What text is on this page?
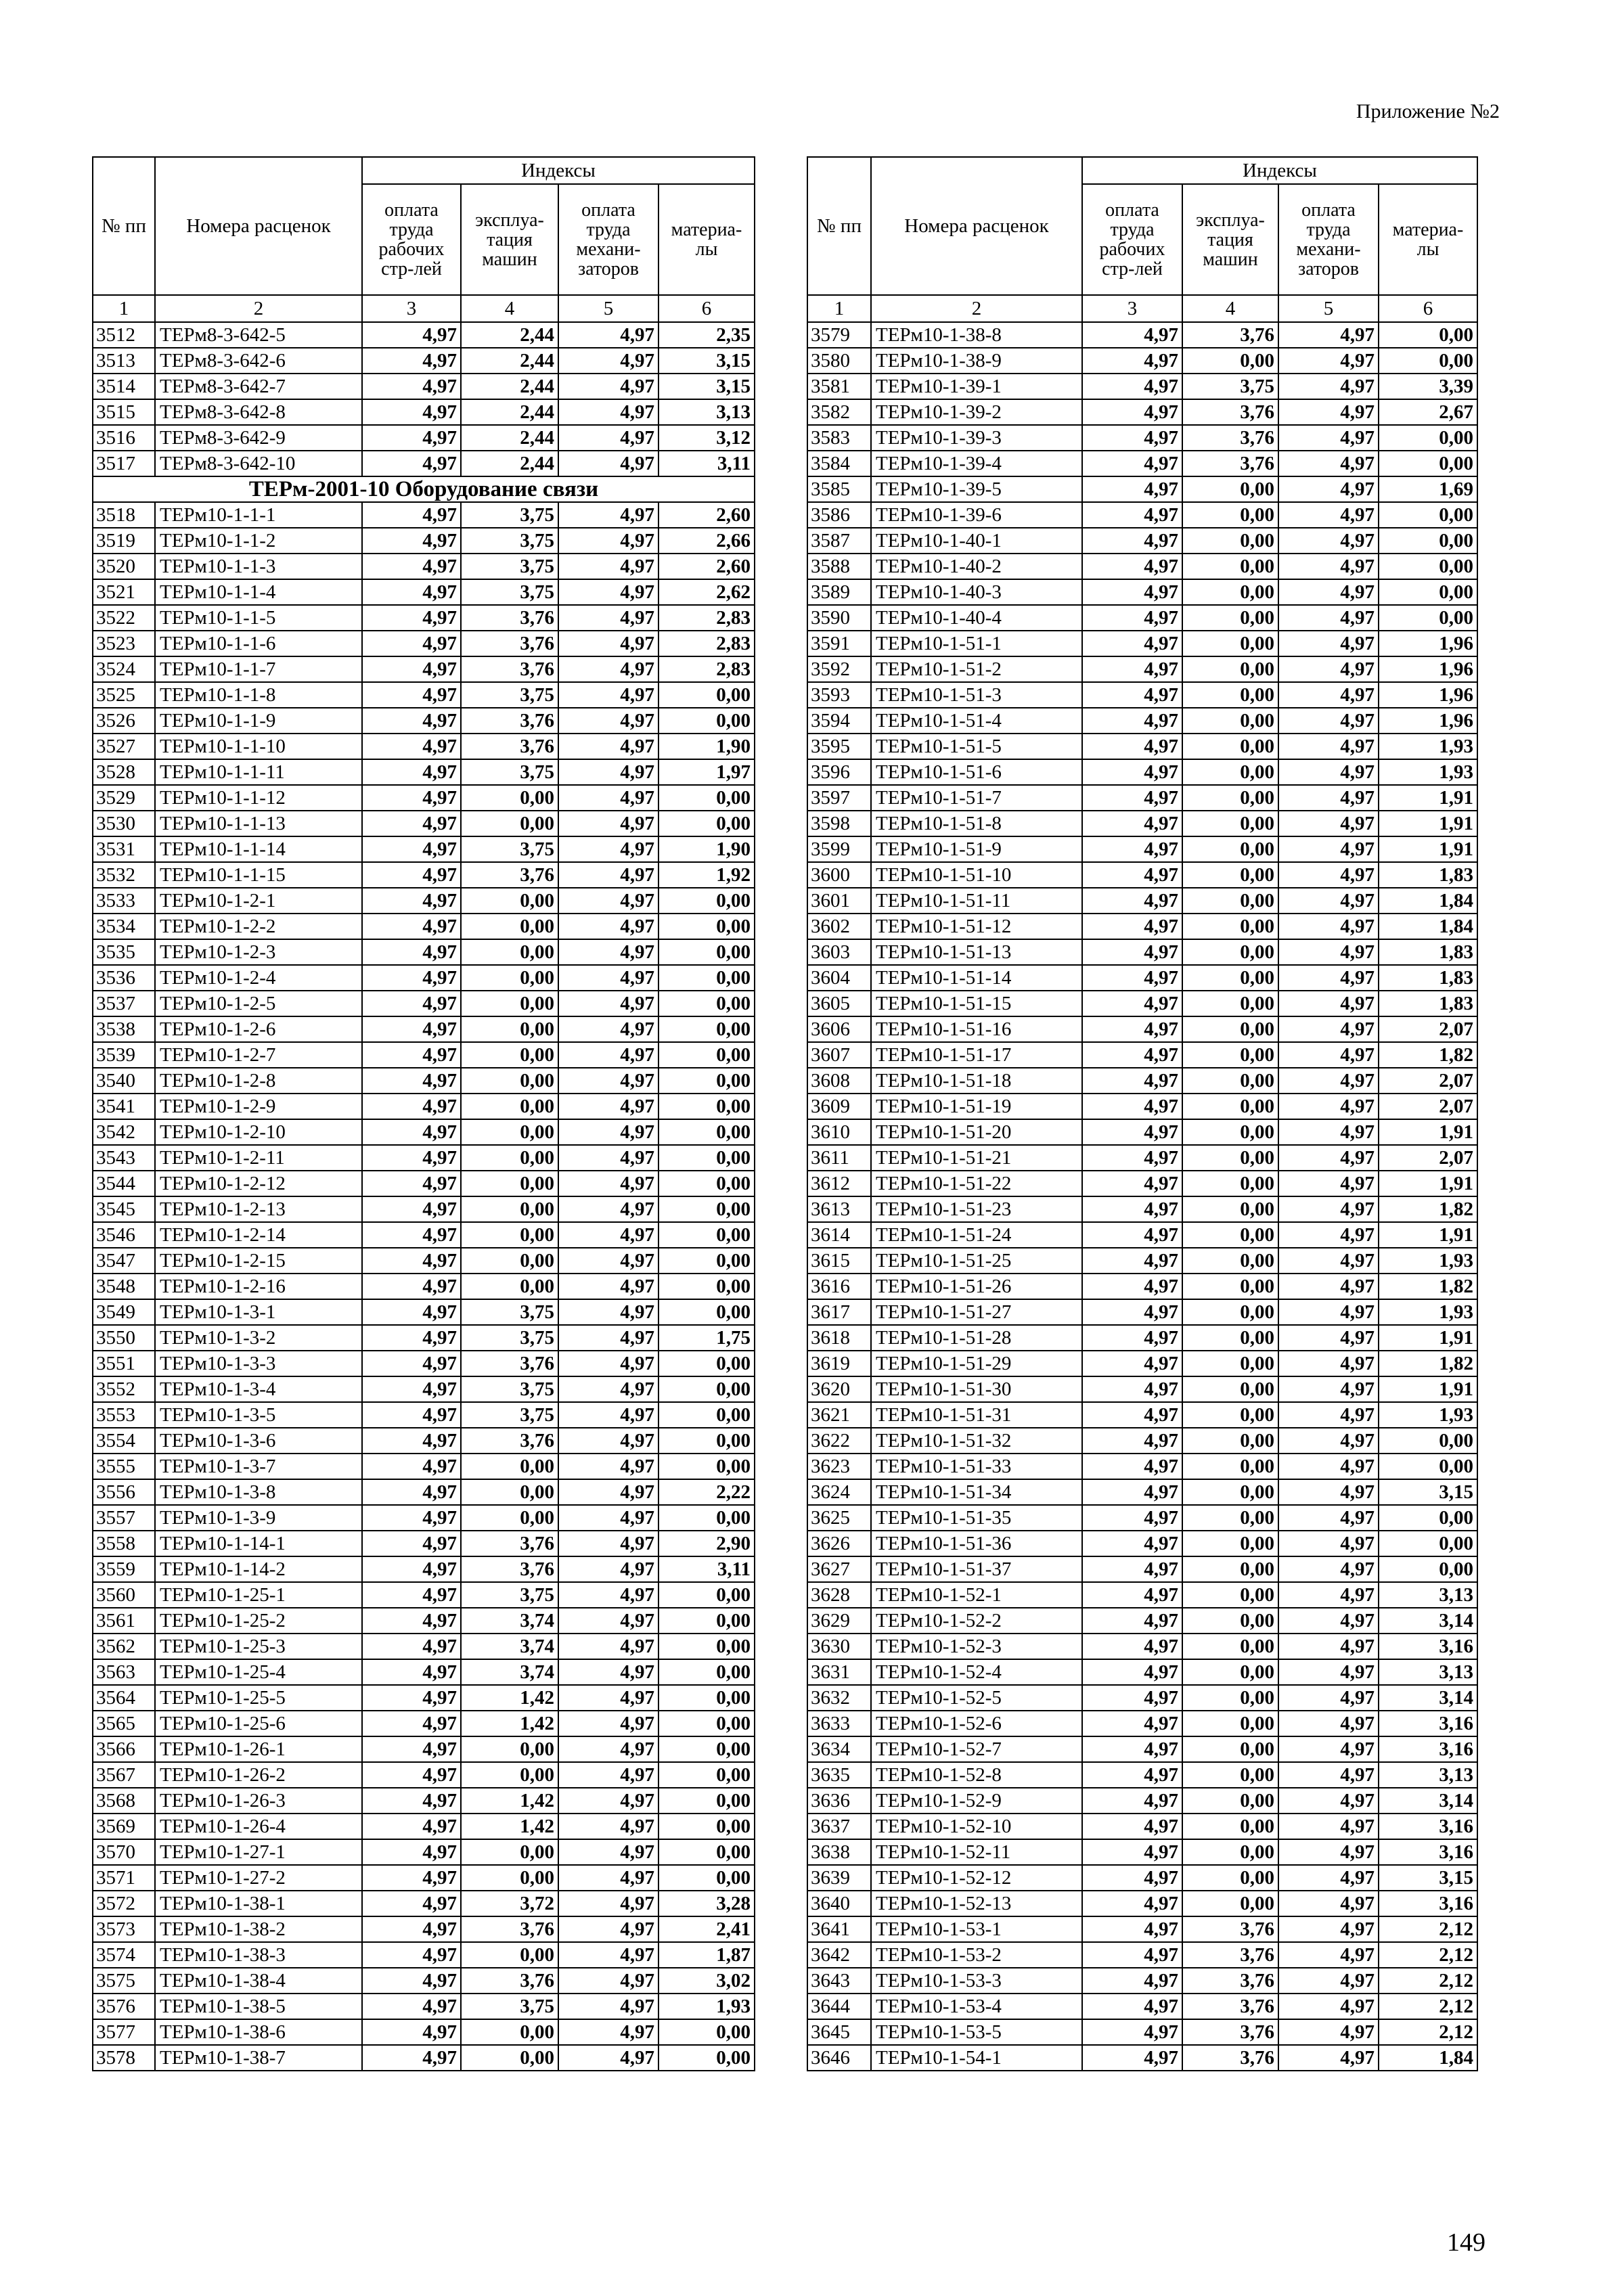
Приложение №2
№ пп	Номера расценок	Индексы			
		оплата труда рабочих стр-лей	эксплуа-тация машин	оплата труда механи-заторов	материа-лы
1	2	3	4	5	6
3512	ТЕРм8-3-642-5	4,97	2,44	4,97	2,35
3513	ТЕРм8-3-642-6	4,97	2,44	4,97	3,15
3514	ТЕРм8-3-642-7	4,97	2,44	4,97	3,15
3515	ТЕРм8-3-642-8	4,97	2,44	4,97	3,13
3516	ТЕРм8-3-642-9	4,97	2,44	4,97	3,12
3517	ТЕРм8-3-642-10	4,97	2,44	4,97	3,11
ТЕРм-2001-10 Оборудование связи					
3518	ТЕРм10-1-1-1	4,97	3,75	4,97	2,60
3519	ТЕРм10-1-1-2	4,97	3,75	4,97	2,66
3520	ТЕРм10-1-1-3	4,97	3,75	4,97	2,60
3521	ТЕРм10-1-1-4	4,97	3,75	4,97	2,62
3522	ТЕРм10-1-1-5	4,97	3,76	4,97	2,83
3523	ТЕРм10-1-1-6	4,97	3,76	4,97	2,83
3524	ТЕРм10-1-1-7	4,97	3,76	4,97	2,83
3525	ТЕРм10-1-1-8	4,97	3,75	4,97	0,00
3526	ТЕРм10-1-1-9	4,97	3,76	4,97	0,00
3527	ТЕРм10-1-1-10	4,97	3,76	4,97	1,90
3528	ТЕРм10-1-1-11	4,97	3,75	4,97	1,97
3529	ТЕРм10-1-1-12	4,97	0,00	4,97	0,00
3530	ТЕРм10-1-1-13	4,97	0,00	4,97	0,00
3531	ТЕРм10-1-1-14	4,97	3,75	4,97	1,90
3532	ТЕРм10-1-1-15	4,97	3,76	4,97	1,92
3533	ТЕРм10-1-2-1	4,97	0,00	4,97	0,00
3534	ТЕРм10-1-2-2	4,97	0,00	4,97	0,00
3535	ТЕРм10-1-2-3	4,97	0,00	4,97	0,00
3536	ТЕРм10-1-2-4	4,97	0,00	4,97	0,00
3537	ТЕРм10-1-2-5	4,97	0,00	4,97	0,00
3538	ТЕРм10-1-2-6	4,97	0,00	4,97	0,00
3539	ТЕРм10-1-2-7	4,97	0,00	4,97	0,00
3540	ТЕРм10-1-2-8	4,97	0,00	4,97	0,00
3541	ТЕРм10-1-2-9	4,97	0,00	4,97	0,00
3542	ТЕРм10-1-2-10	4,97	0,00	4,97	0,00
3543	ТЕРм10-1-2-11	4,97	0,00	4,97	0,00
3544	ТЕРм10-1-2-12	4,97	0,00	4,97	0,00
3545	ТЕРм10-1-2-13	4,97	0,00	4,97	0,00
3546	ТЕРм10-1-2-14	4,97	0,00	4,97	0,00
3547	ТЕРм10-1-2-15	4,97	0,00	4,97	0,00
3548	ТЕРм10-1-2-16	4,97	0,00	4,97	0,00
3549	ТЕРм10-1-3-1	4,97	3,75	4,97	0,00
3550	ТЕРм10-1-3-2	4,97	3,75	4,97	1,75
3551	ТЕРм10-1-3-3	4,97	3,76	4,97	0,00
3552	ТЕРм10-1-3-4	4,97	3,75	4,97	0,00
3553	ТЕРм10-1-3-5	4,97	3,75	4,97	0,00
3554	ТЕРм10-1-3-6	4,97	3,76	4,97	0,00
3555	ТЕРм10-1-3-7	4,97	0,00	4,97	0,00
3556	ТЕРм10-1-3-8	4,97	0,00	4,97	2,22
3557	ТЕРм10-1-3-9	4,97	0,00	4,97	0,00
3558	ТЕРм10-1-14-1	4,97	3,76	4,97	2,90
3559	ТЕРм10-1-14-2	4,97	3,76	4,97	3,11
3560	ТЕРм10-1-25-1	4,97	3,75	4,97	0,00
3561	ТЕРм10-1-25-2	4,97	3,74	4,97	0,00
3562	ТЕРм10-1-25-3	4,97	3,74	4,97	0,00
3563	ТЕРм10-1-25-4	4,97	3,74	4,97	0,00
3564	ТЕРм10-1-25-5	4,97	1,42	4,97	0,00
3565	ТЕРм10-1-25-6	4,97	1,42	4,97	0,00
3566	ТЕРм10-1-26-1	4,97	0,00	4,97	0,00
3567	ТЕРм10-1-26-2	4,97	0,00	4,97	0,00
3568	ТЕРм10-1-26-3	4,97	1,42	4,97	0,00
3569	ТЕРм10-1-26-4	4,97	1,42	4,97	0,00
3570	ТЕРм10-1-27-1	4,97	0,00	4,97	0,00
3571	ТЕРм10-1-27-2	4,97	0,00	4,97	0,00
3572	ТЕРм10-1-38-1	4,97	3,72	4,97	3,28
3573	ТЕРм10-1-38-2	4,97	3,76	4,97	2,41
3574	ТЕРм10-1-38-3	4,97	0,00	4,97	1,87
3575	ТЕРм10-1-38-4	4,97	3,76	4,97	3,02
3576	ТЕРм10-1-38-5	4,97	3,75	4,97	1,93
3577	ТЕРм10-1-38-6	4,97	0,00	4,97	0,00
3578	ТЕРм10-1-38-7	4,97	0,00	4,97	0,00
№ пп	Номера расценок	Индексы			
		оплата труда рабочих стр-лей	эксплуа-тация машин	оплата труда механи-заторов	материа-лы
1	2	3	4	5	6
3579	ТЕРм10-1-38-8	4,97	3,76	4,97	0,00
3580	ТЕРм10-1-38-9	4,97	0,00	4,97	0,00
3581	ТЕРм10-1-39-1	4,97	3,75	4,97	3,39
3582	ТЕРм10-1-39-2	4,97	3,76	4,97	2,67
3583	ТЕРм10-1-39-3	4,97	3,76	4,97	0,00
3584	ТЕРм10-1-39-4	4,97	3,76	4,97	0,00
3585	ТЕРм10-1-39-5	4,97	0,00	4,97	1,69
3586	ТЕРм10-1-39-6	4,97	0,00	4,97	0,00
3587	ТЕРм10-1-40-1	4,97	0,00	4,97	0,00
3588	ТЕРм10-1-40-2	4,97	0,00	4,97	0,00
3589	ТЕРм10-1-40-3	4,97	0,00	4,97	0,00
3590	ТЕРм10-1-40-4	4,97	0,00	4,97	0,00
3591	ТЕРм10-1-51-1	4,97	0,00	4,97	1,96
3592	ТЕРм10-1-51-2	4,97	0,00	4,97	1,96
3593	ТЕРм10-1-51-3	4,97	0,00	4,97	1,96
3594	ТЕРм10-1-51-4	4,97	0,00	4,97	1,96
3595	ТЕРм10-1-51-5	4,97	0,00	4,97	1,93
3596	ТЕРм10-1-51-6	4,97	0,00	4,97	1,93
3597	ТЕРм10-1-51-7	4,97	0,00	4,97	1,91
3598	ТЕРм10-1-51-8	4,97	0,00	4,97	1,91
3599	ТЕРм10-1-51-9	4,97	0,00	4,97	1,91
3600	ТЕРм10-1-51-10	4,97	0,00	4,97	1,83
3601	ТЕРм10-1-51-11	4,97	0,00	4,97	1,84
3602	ТЕРм10-1-51-12	4,97	0,00	4,97	1,84
3603	ТЕРм10-1-51-13	4,97	0,00	4,97	1,83
3604	ТЕРм10-1-51-14	4,97	0,00	4,97	1,83
3605	ТЕРм10-1-51-15	4,97	0,00	4,97	1,83
3606	ТЕРм10-1-51-16	4,97	0,00	4,97	2,07
3607	ТЕРм10-1-51-17	4,97	0,00	4,97	1,82
3608	ТЕРм10-1-51-18	4,97	0,00	4,97	2,07
3609	ТЕРм10-1-51-19	4,97	0,00	4,97	2,07
3610	ТЕРм10-1-51-20	4,97	0,00	4,97	1,91
3611	ТЕРм10-1-51-21	4,97	0,00	4,97	2,07
3612	ТЕРм10-1-51-22	4,97	0,00	4,97	1,91
3613	ТЕРм10-1-51-23	4,97	0,00	4,97	1,82
3614	ТЕРм10-1-51-24	4,97	0,00	4,97	1,91
3615	ТЕРм10-1-51-25	4,97	0,00	4,97	1,93
3616	ТЕРм10-1-51-26	4,97	0,00	4,97	1,82
3617	ТЕРм10-1-51-27	4,97	0,00	4,97	1,93
3618	ТЕРм10-1-51-28	4,97	0,00	4,97	1,91
3619	ТЕРм10-1-51-29	4,97	0,00	4,97	1,82
3620	ТЕРм10-1-51-30	4,97	0,00	4,97	1,91
3621	ТЕРм10-1-51-31	4,97	0,00	4,97	1,93
3622	ТЕРм10-1-51-32	4,97	0,00	4,97	0,00
3623	ТЕРм10-1-51-33	4,97	0,00	4,97	0,00
3624	ТЕРм10-1-51-34	4,97	0,00	4,97	3,15
3625	ТЕРм10-1-51-35	4,97	0,00	4,97	0,00
3626	ТЕРм10-1-51-36	4,97	0,00	4,97	0,00
3627	ТЕРм10-1-51-37	4,97	0,00	4,97	0,00
3628	ТЕРм10-1-52-1	4,97	0,00	4,97	3,13
3629	ТЕРм10-1-52-2	4,97	0,00	4,97	3,14
3630	ТЕРм10-1-52-3	4,97	0,00	4,97	3,16
3631	ТЕРм10-1-52-4	4,97	0,00	4,97	3,13
3632	ТЕРм10-1-52-5	4,97	0,00	4,97	3,14
3633	ТЕРм10-1-52-6	4,97	0,00	4,97	3,16
3634	ТЕРм10-1-52-7	4,97	0,00	4,97	3,16
3635	ТЕРм10-1-52-8	4,97	0,00	4,97	3,13
3636	ТЕРм10-1-52-9	4,97	0,00	4,97	3,14
3637	ТЕРм10-1-52-10	4,97	0,00	4,97	3,16
3638	ТЕРм10-1-52-11	4,97	0,00	4,97	3,16
3639	ТЕРм10-1-52-12	4,97	0,00	4,97	3,15
3640	ТЕРм10-1-52-13	4,97	0,00	4,97	3,16
3641	ТЕРм10-1-53-1	4,97	3,76	4,97	2,12
3642	ТЕРм10-1-53-2	4,97	3,76	4,97	2,12
3643	ТЕРм10-1-53-3	4,97	3,76	4,97	2,12
3644	ТЕРм10-1-53-4	4,97	3,76	4,97	2,12
3645	ТЕРм10-1-53-5	4,97	3,76	4,97	2,12
3646	ТЕРм10-1-54-1	4,97	3,76	4,97	1,84
149
